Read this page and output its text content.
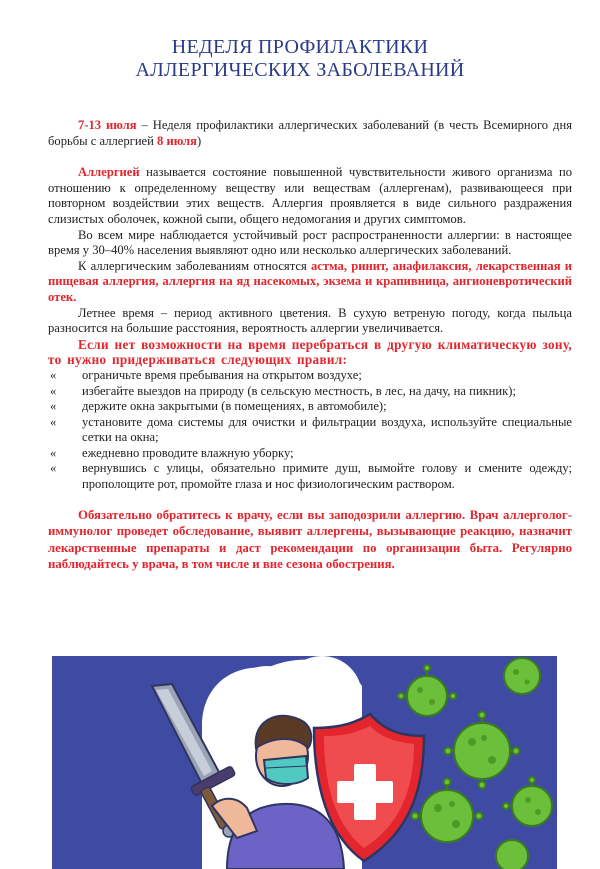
НЕДЕЛЯ ПРОФИЛАКТИКИ
АЛЛЕРГИЧЕСКИХ ЗАБОЛЕВАНИЙ

7-13 июля – Неделя профилактики аллергических заболеваний (в честь Всемирного дня борьбы с аллергией 8 июля)

Аллергией называется состояние повышенной чувствительности живого организма по отношению к определенному веществу или веществам (аллергенам), развивающееся при повторном воздействии этих веществ. Аллергия проявляется в виде сильного раздражения слизистых оболочек, кожной сыпи, общего недомогания и других симптомов.

Во всем мире наблюдается устойчивый рост распространенности аллергии: в настоящее время у 30–40% населения выявляют одно или несколько аллергических заболеваний.

К аллергическим заболеваниям относятся астма, ринит, анафилаксия, лекарственная и пищевая аллергия, аллергия на яд насекомых, экзема и крапивница, ангионевротический отек.

Летнее время – период активного цветения. В сухую ветреную погоду, когда пыльца разносится на большие расстояния, вероятность аллергии увеличивается.

Если нет возможности на время перебраться в другую климатическую зону, то нужно придерживаться следующих правил:

« ограничьте время пребывания на открытом воздухе;
« избегайте выездов на природу (в сельскую местность, в лес, на дачу, на пикник);
« держите окна закрытыми (в помещениях, в автомобиле);
« установите дома системы для очистки и фильтрации воздуха, используйте специальные сетки на окна;
« ежедневно проводите влажную уборку;
« вернувшись с улицы, обязательно примите душ, вымойте голову и смените одежду; прополощите рот, промойте глаза и нос физиологическим раствором.

Обязательно обратитесь к врачу, если вы заподозрили аллергию. Врач аллерголог-иммунолог проведет обследование, выявит аллергены, вызывающие реакцию, назначит лекарственные препараты и даст рекомендации по организации быта. Регулярно наблюдайтесь у врача, в том числе и вне сезона обострения.
